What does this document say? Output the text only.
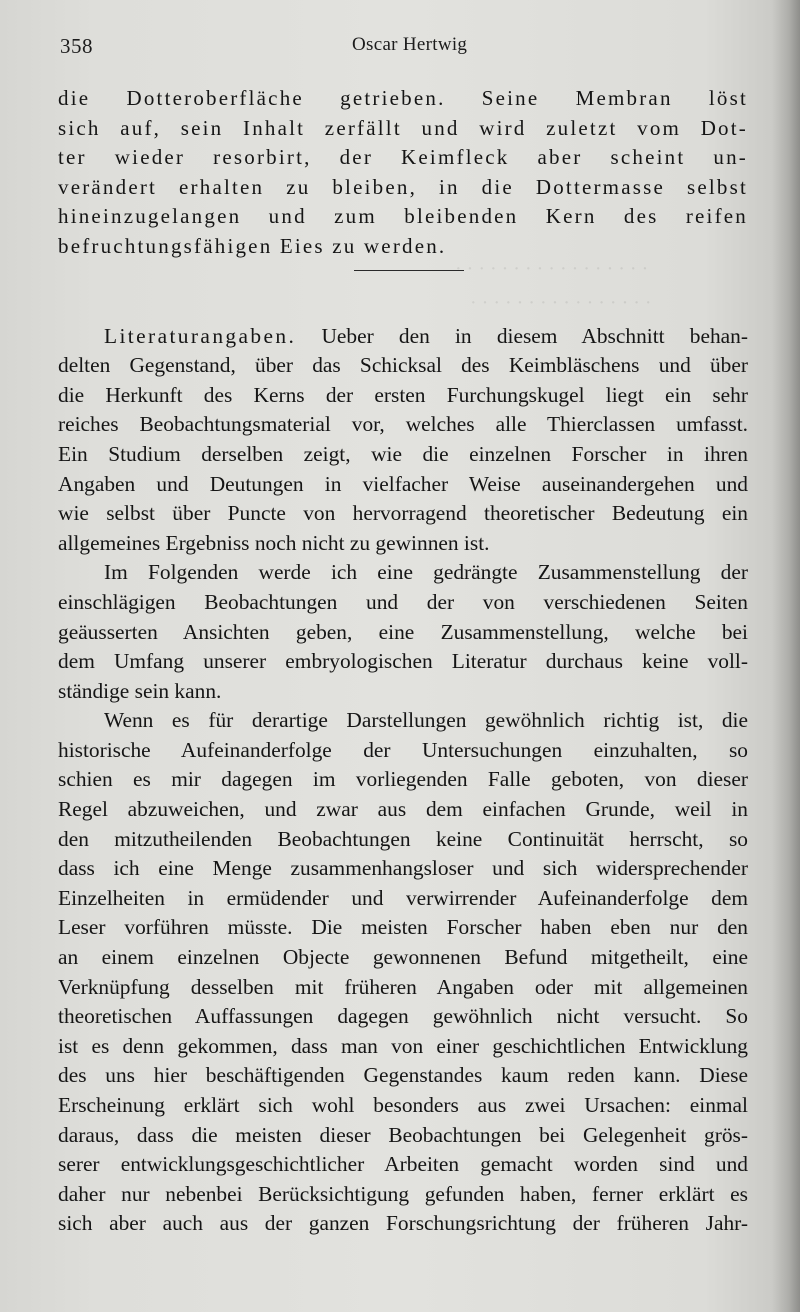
· · · · · · · · · · · · · · · · ·
· · · · · · · · · · · · · · · ·
358	Oscar Hertwig
die Dotteroberfläche getrieben. Seine Membran löst
sich auf, sein Inhalt zerfällt und wird zuletzt vom Dot-
ter wieder resorbirt, der Keimfleck aber scheint un-
verändert erhalten zu bleiben, in die Dottermasse selbst
hineinzugelangen und zum bleibenden Kern des reifen
befruchtungsfähigen Eies zu werden.
Literaturangaben. Ueber den in diesem Abschnitt behan-
delten Gegenstand, über das Schicksal des Keimbläschens und über
die Herkunft des Kerns der ersten Furchungskugel liegt ein sehr
reiches Beobachtungsmaterial vor, welches alle Thierclassen umfasst.
Ein Studium derselben zeigt, wie die einzelnen Forscher in ihren
Angaben und Deutungen in vielfacher Weise auseinandergehen und
wie selbst über Puncte von hervorragend theoretischer Bedeutung ein
allgemeines Ergebniss noch nicht zu gewinnen ist.
Im Folgenden werde ich eine gedrängte Zusammenstellung der
einschlägigen Beobachtungen und der von verschiedenen Seiten
geäusserten Ansichten geben, eine Zusammenstellung, welche bei
dem Umfang unserer embryologischen Literatur durchaus keine voll-
ständige sein kann.
Wenn es für derartige Darstellungen gewöhnlich richtig ist, die
historische Aufeinanderfolge der Untersuchungen einzuhalten, so
schien es mir dagegen im vorliegenden Falle geboten, von dieser
Regel abzuweichen, und zwar aus dem einfachen Grunde, weil in
den mitzutheilenden Beobachtungen keine Continuität herrscht, so
dass ich eine Menge zusammenhangsloser und sich widersprechender
Einzelheiten in ermüdender und verwirrender Aufeinanderfolge dem
Leser vorführen müsste. Die meisten Forscher haben eben nur den
an einem einzelnen Objecte gewonnenen Befund mitgetheilt, eine
Verknüpfung desselben mit früheren Angaben oder mit allgemeinen
theoretischen Auffassungen dagegen gewöhnlich nicht versucht. So
ist es denn gekommen, dass man von einer geschichtlichen Entwicklung
des uns hier beschäftigenden Gegenstandes kaum reden kann. Diese
Erscheinung erklärt sich wohl besonders aus zwei Ursachen: einmal
daraus, dass die meisten dieser Beobachtungen bei Gelegenheit grös-
serer entwicklungsgeschichtlicher Arbeiten gemacht worden sind und
daher nur nebenbei Berücksichtigung gefunden haben, ferner erklärt es
sich aber auch aus der ganzen Forschungsrichtung der früheren Jahr-
